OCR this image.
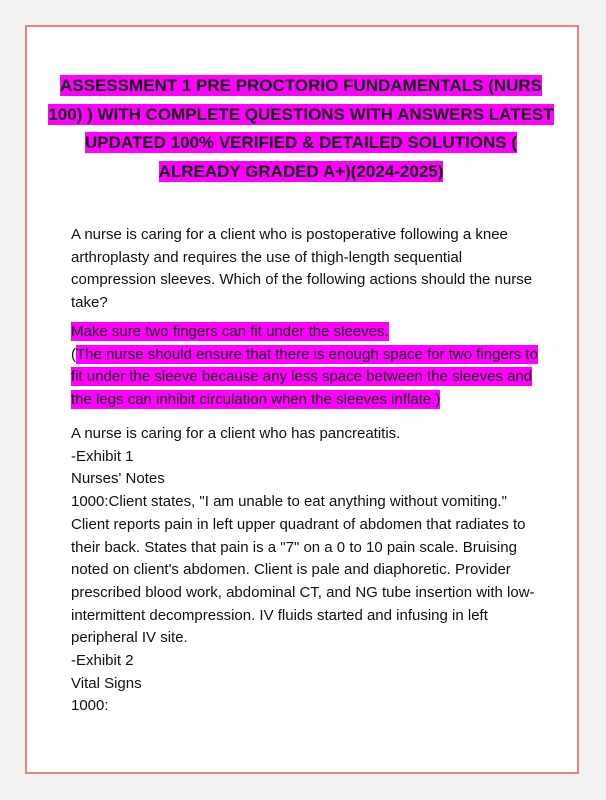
ASSESSMENT 1 PRE PROCTORIO FUNDAMENTALS (NURS 100) ) WITH COMPLETE QUESTIONS WITH ANSWERS LATEST UPDATED 100% VERIFIED & DETAILED SOLUTIONS ( ALREADY GRADED A+)(2024-2025)
A nurse is caring for a client who is postoperative following a knee
arthroplasty and requires the use of thigh-length sequential
compression sleeves. Which of the following actions should the nurse
take?
Make sure two fingers can fit under the sleeves.
(The nurse should ensure that there is enough space for two fingers to
fit under the sleeve because any less space between the sleeves and
the legs can inhibit circulation when the sleeves inflate.)
A nurse is caring for a client who has pancreatitis.
-Exhibit 1
Nurses' Notes
1000:Client states, "I am unable to eat anything without vomiting."
Client reports pain in left upper quadrant of abdomen that radiates to
their back. States that pain is a "7" on a 0 to 10 pain scale. Bruising
noted on client's abdomen. Client is pale and diaphoretic. Provider
prescribed blood work, abdominal CT, and NG tube insertion with low-
intermittent decompression. IV fluids started and infusing in left
peripheral IV site.
-Exhibit 2
Vital Signs
1000:
